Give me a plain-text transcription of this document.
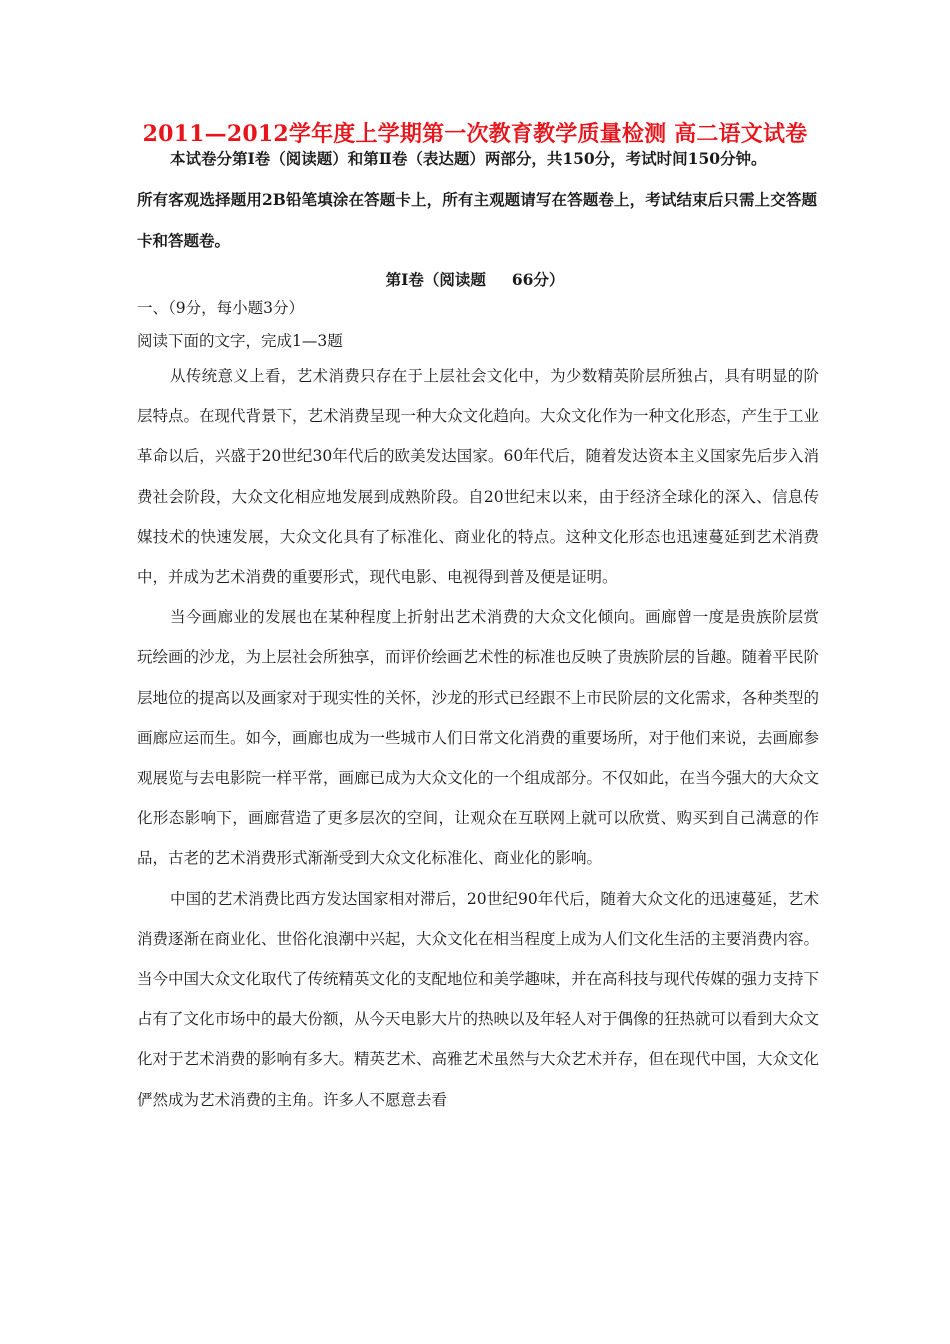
2011—2012学年度上学期第一次教育教学质量检测 高二语文试卷
本试卷分第Ⅰ卷（阅读题）和第Ⅱ卷（表达题）两部分，共150分，考试时间150分钟。
所有客观选择题用2B铅笔填涂在答题卡上，所有主观题请写在答题卷上，考试结束后只需上交答题卡和答题卷。
第Ⅰ卷（阅读题 66分）
一、（9分，每小题3分）
阅读下面的文字，完成1—3题

从传统意义上看，艺术消费只存在于上层社会文化中，为少数精英阶层所独占，具有明显的阶层特点。在现代背景下，艺术消费呈现一种大众文化趋向。大众文化作为一种文化形态，产生于工业革命以后，兴盛于20世纪30年代后的欧美发达国家。60年代后，随着发达资本主义国家先后步入消费社会阶段，大众文化相应地发展到成熟阶段。自20世纪末以来，由于经济全球化的深入、信息传媒技术的快速发展，大众文化具有了标准化、商业化的特点。这种文化形态也迅速蔓延到艺术消费中，并成为艺术消费的重要形式，现代电影、电视得到普及便是证明。

当今画廊业的发展也在某种程度上折射出艺术消费的大众文化倾向。画廊曾一度是贵族阶层赏玩绘画的沙龙，为上层社会所独享，而评价绘画艺术性的标准也反映了贵族阶层的旨趣。随着平民阶层地位的提高以及画家对于现实性的关怀，沙龙的形式已经跟不上市民阶层的文化需求，各种类型的画廊应运而生。如今，画廊也成为一些城市人们日常文化消费的重要场所，对于他们来说，去画廊参观展览与去电影院一样平常，画廊已成为大众文化的一个组成部分。不仅如此，在当今强大的大众文化形态影响下，画廊营造了更多层次的空间，让观众在互联网上就可以欣赏、购买到自己满意的作品，古老的艺术消费形式渐渐受到大众文化标准化、商业化的影响。

中国的艺术消费比西方发达国家相对滞后，20世纪90年代后，随着大众文化的迅速蔓延，艺术消费逐渐在商业化、世俗化浪潮中兴起，大众文化在相当程度上成为人们文化生活的主要消费内容。当今中国大众文化取代了传统精英文化的支配地位和美学趣味，并在高科技与现代传媒的强力支持下占有了文化市场中的最大份额，从今天电影大片的热映以及年轻人对于偶像的狂热就可以看到大众文化对于艺术消费的影响有多大。精英艺术、高雅艺术虽然与大众艺术并存，但在现代中国，大众文化俨然成为艺术消费的主角。许多人不愿意去看
